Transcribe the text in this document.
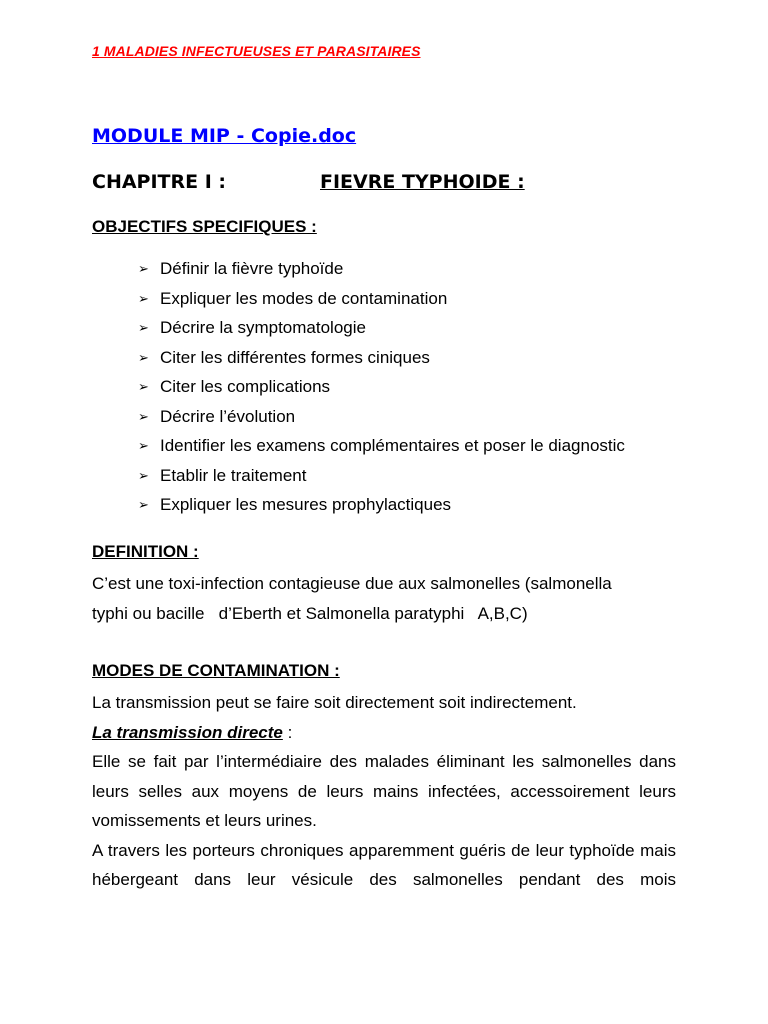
1 MALADIES INFECTUEUSES ET PARASITAIRES
MODULE MIP - Copie.doc
CHAPITRE I :	FIEVRE TYPHOIDE :
OBJECTIFS SPECIFIQUES :
➢ Définir la fièvre typhoïde
➢ Expliquer les modes de contamination
➢ Décrire la symptomatologie
➢ Citer les différentes formes ciniques
➢ Citer les complications
➢ Décrire l’évolution
➢ Identifier les examens complémentaires et poser le diagnostic
➢ Etablir le traitement
➢ Expliquer les mesures prophylactiques
DEFINITION :
C’est une toxi-infection contagieuse due aux salmonelles (salmonella
typhi ou bacille   d’Eberth et Salmonella paratyphi   A,B,C)
MODES DE CONTAMINATION :
La transmission peut se faire soit directement soit indirectement.
La transmission directe :
Elle se fait par l’intermédiaire des malades éliminant les salmonelles dans leurs selles aux moyens de leurs mains infectées, accessoirement leurs vomissements et leurs urines.
A travers les porteurs chroniques apparemment guéris de leur typhoïde mais hébergeant dans leur vésicule des salmonelles pendant des mois
